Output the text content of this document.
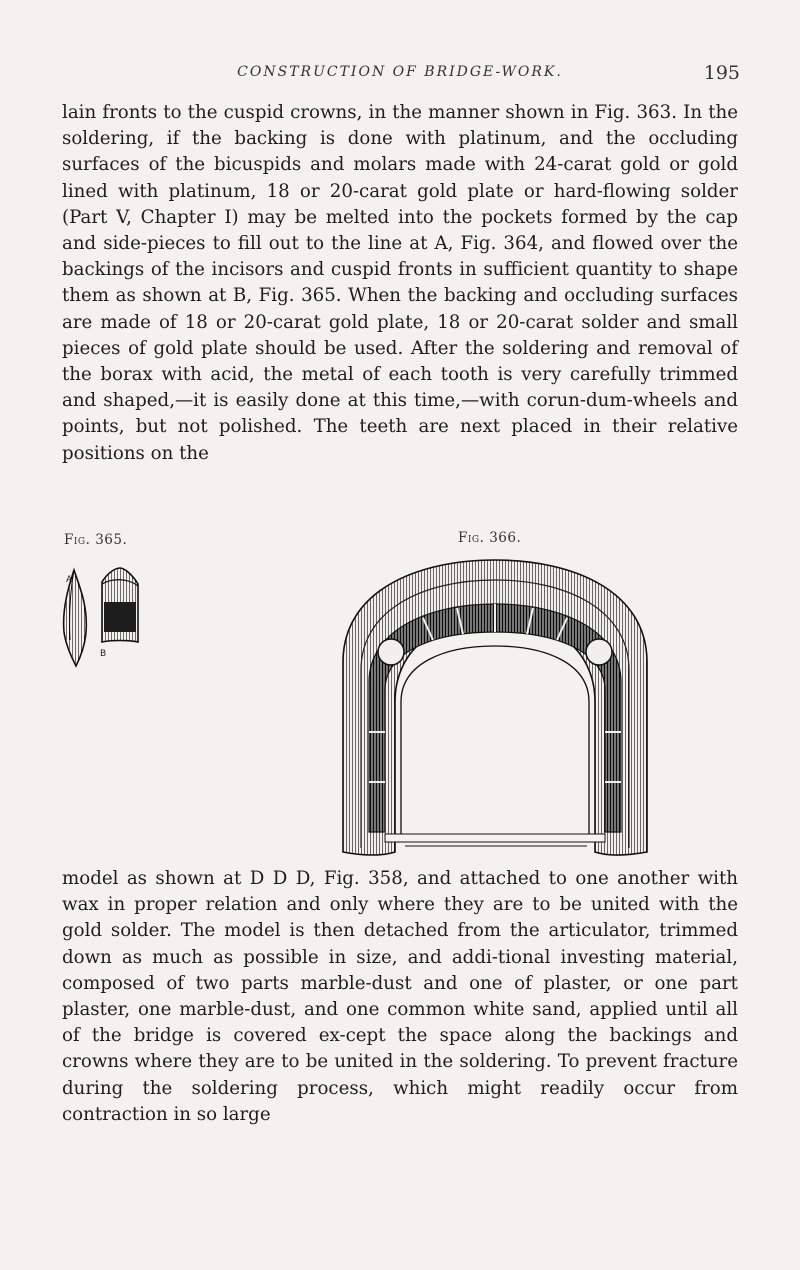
CONSTRUCTION OF BRIDGE-WORK.	195

lain fronts to the cuspid crowns, in the manner shown in Fig. 363. In the soldering, if the backing is done with platinum, and the occluding surfaces of the bicuspids and molars made with 24-carat gold or gold lined with platinum, 18 or 20-carat gold plate or hard-flowing solder (Part V, Chapter I) may be melted into the pockets formed by the cap and side-pieces to fill out to the line at A, Fig. 364, and flowed over the backings of the incisors and cuspid fronts in sufficient quantity to shape them as shown at B, Fig. 365. When the backing and occluding surfaces are made of 18 or 20-carat gold plate, 18 or 20-carat solder and small pieces of gold plate should be used. After the soldering and removal of the borax with acid, the metal of each tooth is very carefully trimmed and shaped,—it is easily done at this time,—with corun-dum-wheels and points, but not polished. The teeth are next placed in their relative positions on the

Fig. 365.	Fig. 366.
A
B

model as shown at D D D, Fig. 358, and attached to one another with wax in proper relation and only where they are to be united with the gold solder. The model is then detached from the articulator, trimmed down as much as possible in size, and addi-tional investing material, composed of two parts marble-dust and one of plaster, or one part plaster, one marble-dust, and one common white sand, applied until all of the bridge is covered ex-cept the space along the backings and crowns where they are to be united in the soldering. To prevent fracture during the soldering process, which might readily occur from contraction in so large
